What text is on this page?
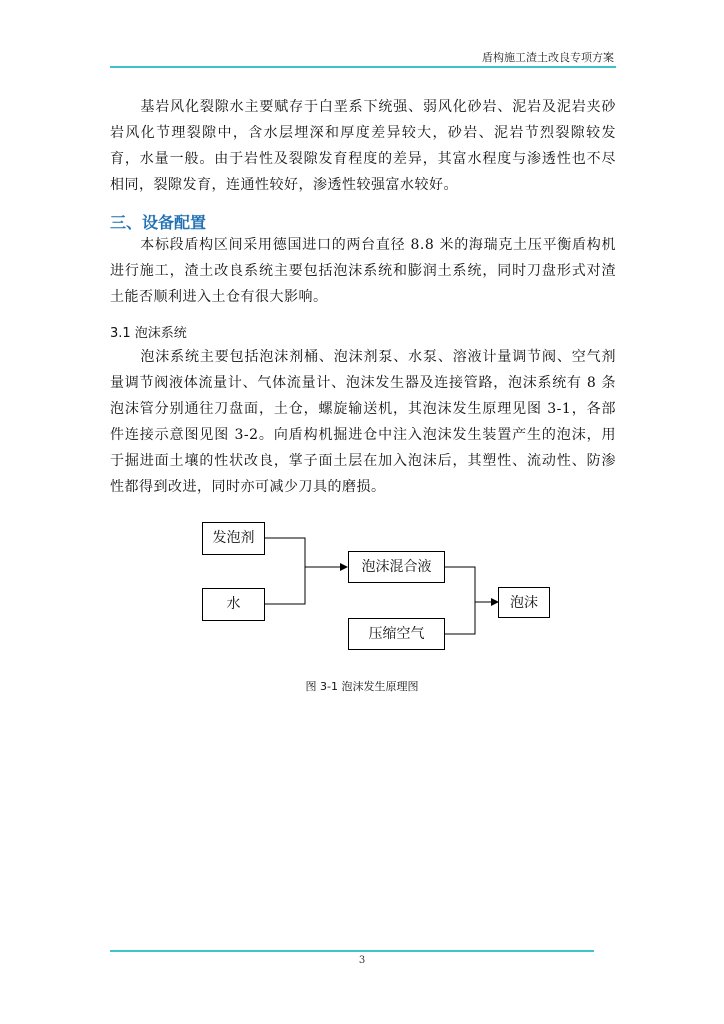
盾构施工渣土改良专项方案

基岩风化裂隙水主要赋存于白垩系下统强、弱风化砂岩、泥岩及泥岩夹砂岩风化节理裂隙中，含水层埋深和厚度差异较大，砂岩、泥岩节烈裂隙较发育，水量一般。由于岩性及裂隙发育程度的差异，其富水程度与渗透性也不尽相同，裂隙发育，连通性较好，渗透性较强富水较好。

三、设备配置

本标段盾构区间采用德国进口的两台直径 8.8 米的海瑞克土压平衡盾构机进行施工，渣土改良系统主要包括泡沫系统和膨润土系统，同时刀盘形式对渣土能否顺利进入土仓有很大影响。

3.1 泡沫系统

泡沫系统主要包括泡沫剂桶、泡沫剂泵、水泵、溶液计量调节阀、空气剂量调节阀液体流量计、气体流量计、泡沫发生器及连接管路，泡沫系统有 8 条泡沫管分别通往刀盘面，土仓，螺旋输送机，其泡沫发生原理见图 3-1，各部件连接示意图见图 3-2。向盾构机掘进仓中注入泡沫发生装置产生的泡沫，用于掘进面土壤的性状改良，掌子面土层在加入泡沫后，其塑性、流动性、防渗性都得到改进，同时亦可减少刀具的磨损。

发泡剂
水
泡沫混合液
压缩空气
泡沫
图 3-1 泡沫发生原理图
3
